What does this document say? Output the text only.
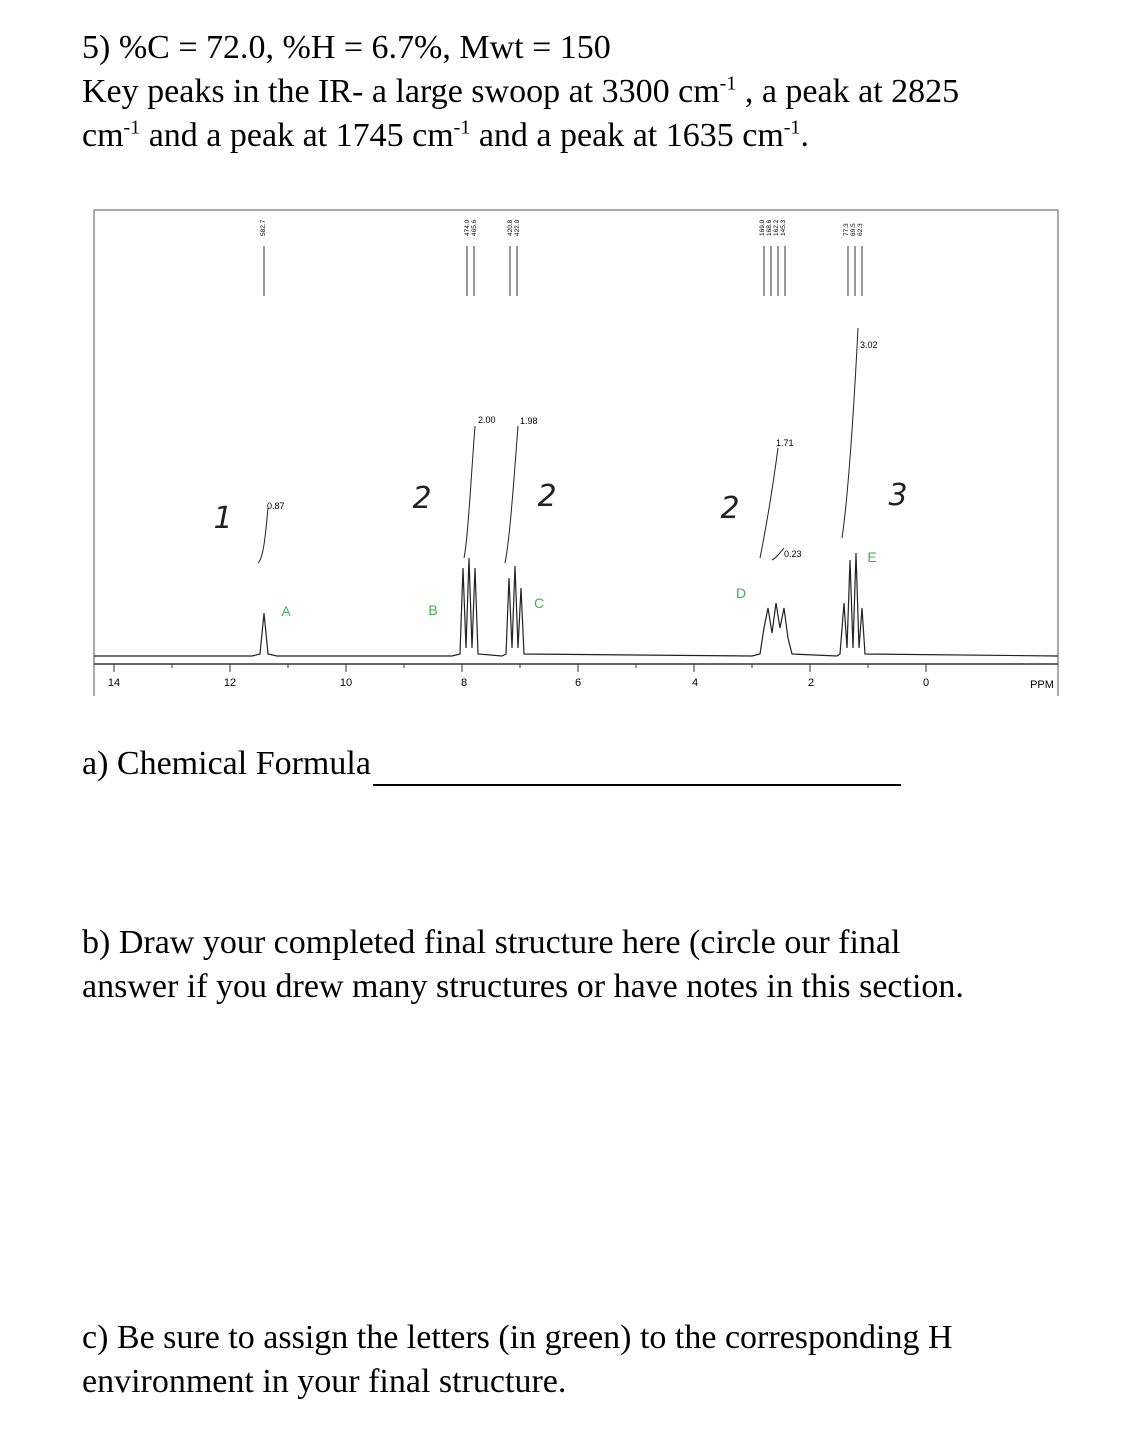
5) %C = 72.0, %H = 6.7%, Mwt = 150
Key peaks in the IR- a large swoop at 3300 $cm^{-1}$ , a peak at 2825
$cm^{-1}$ and a peak at 1745 $cm^{-1}$ and a peak at 1635 $cm^{-1}$.
14	12	10	8	6	4	2	0	PPM
582.7	474.0 465.6	420.8 422.0	169.0 168.6 162.2 145.3	77.3 69.5 62.3
0.87
2.00	1.98
1.71
0.23
3.02
A	B	C
D
E
1
2	2	2	3
a) Chemical Formula
b) Draw your completed final structure here (circle our final
answer if you drew many structures or have notes in this section.
c) Be sure to assign the letters (in green) to the corresponding H
environment in your final structure.
